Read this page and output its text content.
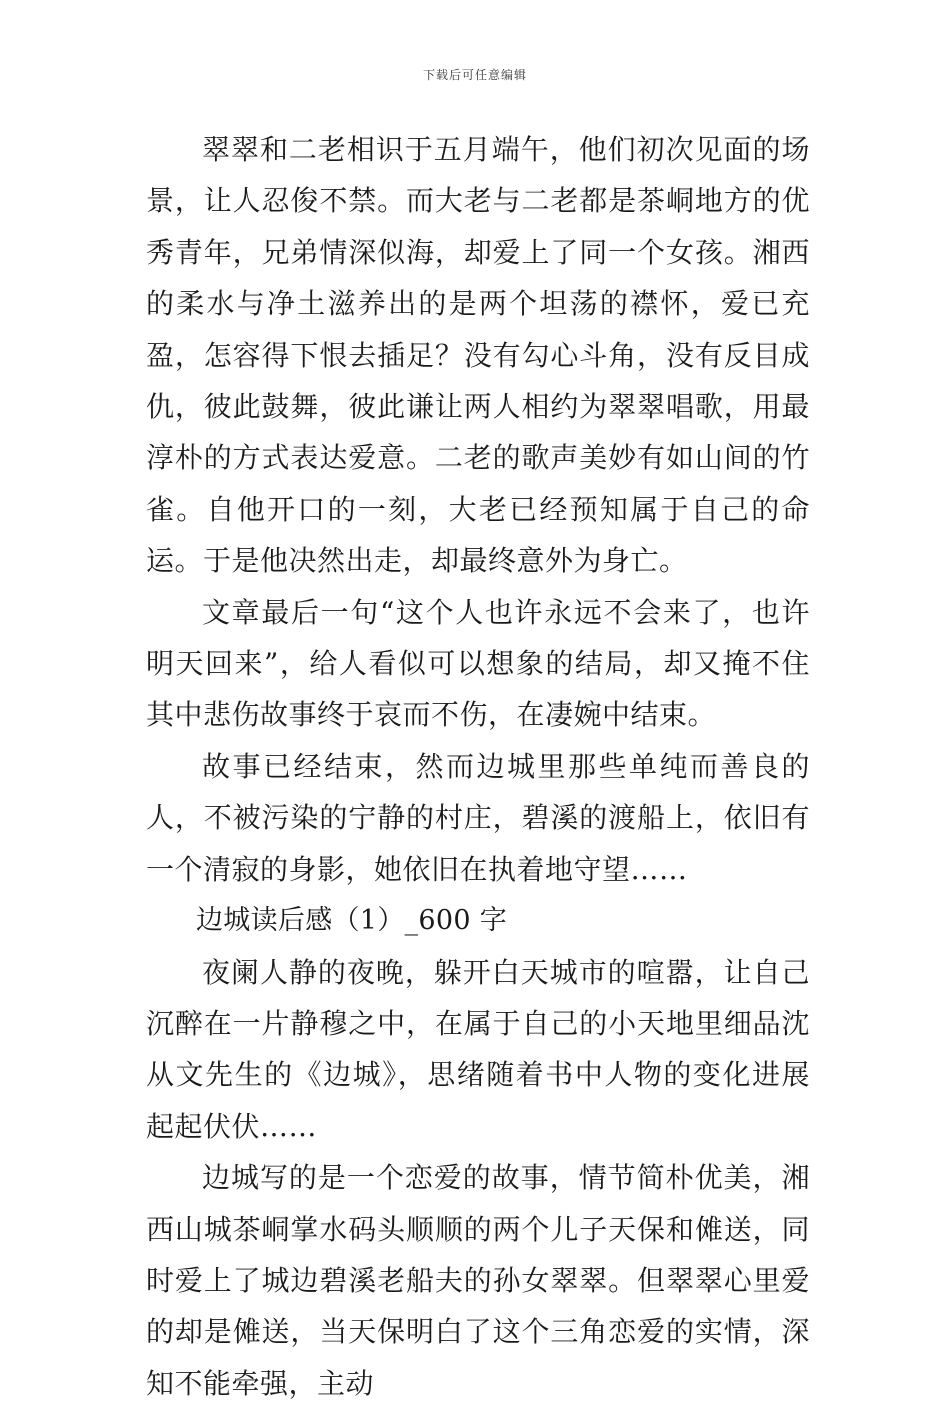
下载后可任意编辑

翠翠和二老相识于五月端午，他们初次见面的场景，让人忍俊不禁。而大老与二老都是茶峒地方的优秀青年，兄弟情深似海，却爱上了同一个女孩。湘西的柔水与净土滋养出的是两个坦荡的襟怀，爱已充盈，怎容得下恨去插足？没有勾心斗角，没有反目成仇，彼此鼓舞，彼此谦让两人相约为翠翠唱歌，用最淳朴的方式表达爱意。二老的歌声美妙有如山间的竹雀。自他开口的一刻，大老已经预知属于自己的命运。于是他决然出走，却最终意外为身亡。

文章最后一句“这个人也许永远不会来了，也许明天回来”，给人看似可以想象的结局，却又掩不住其中悲伤故事终于哀而不伤，在凄婉中结束。

故事已经结束，然而边城里那些单纯而善良的人，不被污染的宁静的村庄，碧溪的渡船上，依旧有一个清寂的身影，她依旧在执着地守望……

边城读后感（1）_600 字

夜阑人静的夜晚，躲开白天城市的喧嚣，让自己沉醉在一片静穆之中，在属于自己的小天地里细品沈从文先生的《边城》，思绪随着书中人物的变化进展起起伏伏……

边城写的是一个恋爱的故事，情节简朴优美，湘西山城茶峒掌水码头顺顺的两个儿子天保和傩送，同时爱上了城边碧溪老船夫的孙女翠翠。但翠翠心里爱的却是傩送，当天保明白了这个三角恋爱的实情，深知不能牵强，主动
